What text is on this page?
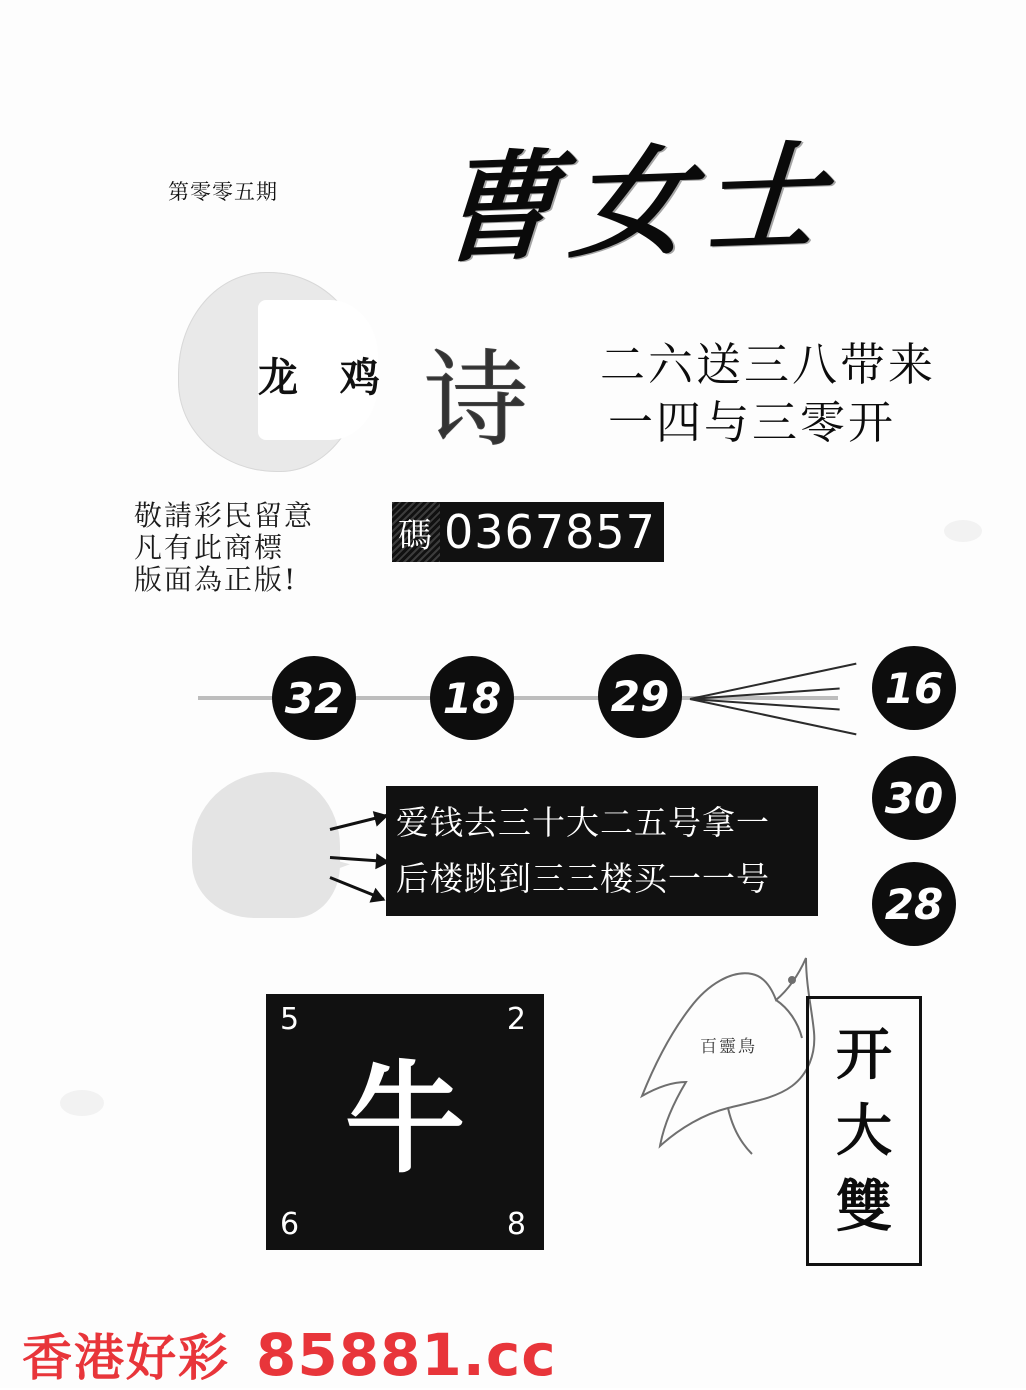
第零零五期 曹女士
龙 鸡 诗 二六送三八带来
一四与三零开
敬請彩民留意
凡有此商標
版面為正版!
碼 0367857
32	18	29	16
30
28
爱钱去三十大二五号拿一
后楼跳到三三楼买一一号
5	2
牛
6	8
百靈鳥 开
大
雙
香港好彩 85881.cc
